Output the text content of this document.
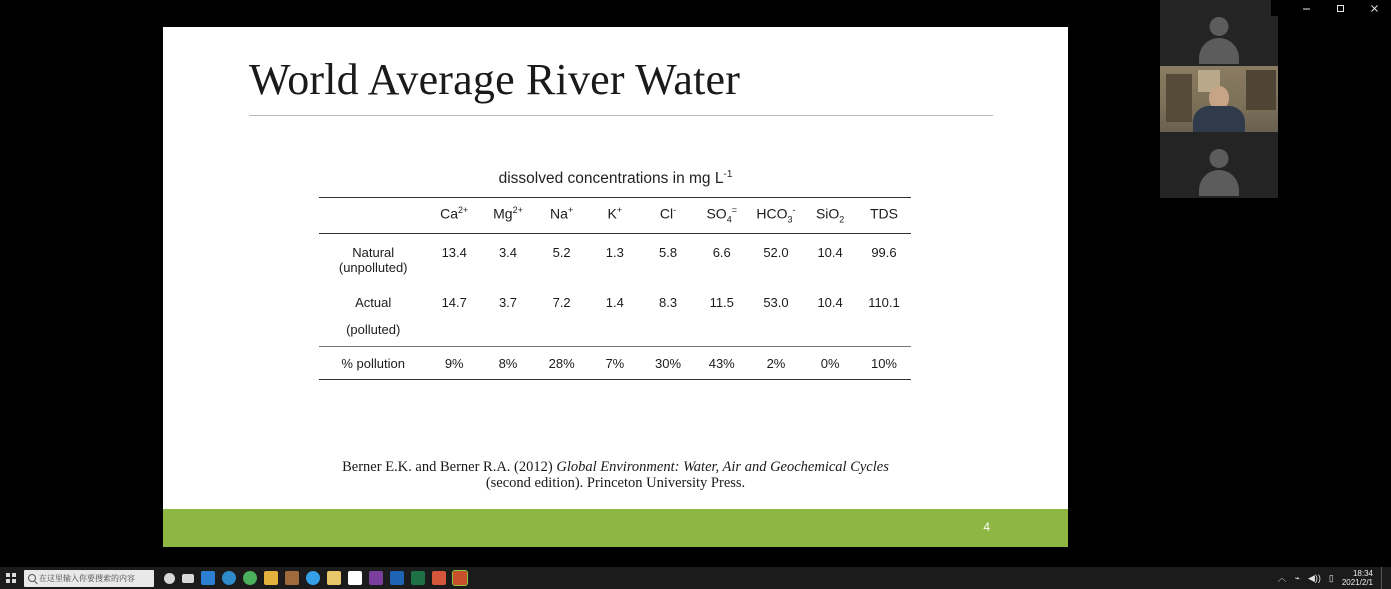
World Average River Water
dissolved concentrations in mg $L^{-1}$
	$Ca^{2+}$	$Mg^{2+}$	Na+	K+	Cl-	$SO_4^=$	$HCO_3^-$	SiO$_2$	TDS

Natural
(unpolluted)	13.4	3.4	5.2	1.3	5.8	6.6	52.0	10.4	99.6

Actual
(polluted)	14.7	3.7	7.2	1.4	8.3	11.5	53.0	10.4	110.1
% pollution	9%	8%	28%	7%	30%	43%	2%	0%	10%

Berner E.K. and Berner R.A. (2012) Global Environment: Water, Air and Geochemical Cycles
(second edition). Princeton University Press.
4
在这里输入你要搜索的内容	︿ ⌁ ◀)) ▯	18:34
2021/2/1
